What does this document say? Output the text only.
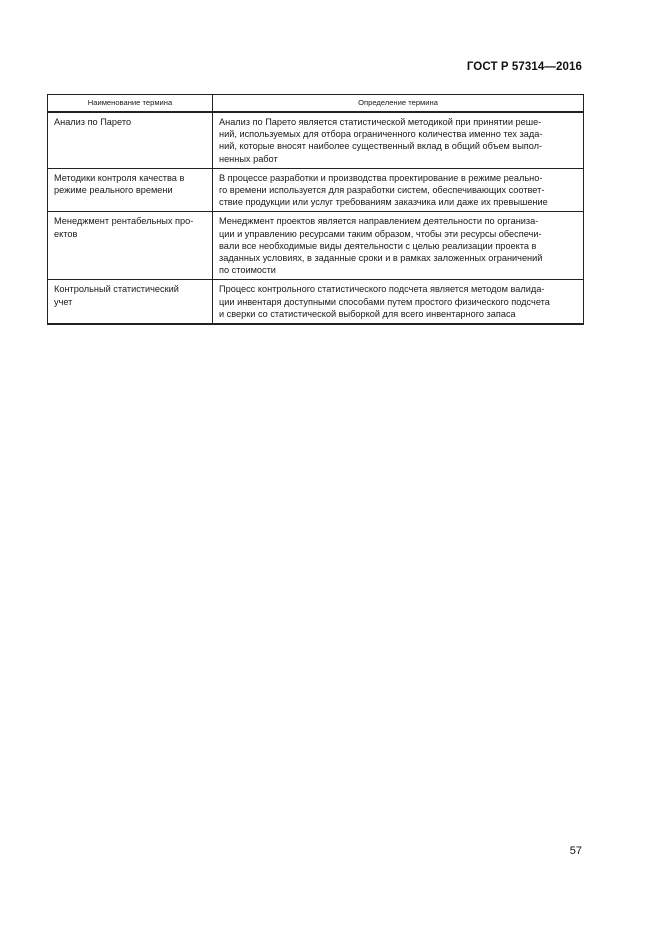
ГОСТ Р 57314—2016
Наименование термина	Определение термина
Анализ по Парето	Анализ по Парето является статистической методикой при принятии реше-
ний, используемых для отбора ограниченного количества именно тех зада-
ний, которые вносят наиболее существенный вклад в общий объем выпол-
ненных работ
Методики контроля качества в
режиме реального времени	В процессе разработки и производства проектирование в режиме реально-
го времени используется для разработки систем, обеспечивающих соответ-
ствие продукции или услуг требованиям заказчика или даже их превышение
Менеджмент рентабельных про-
ектов	Менеджмент проектов является направлением деятельности по организа-
ции и управлению ресурсами таким образом, чтобы эти ресурсы обеспечи-
вали все необходимые виды деятельности с целью реализации проекта в
заданных условиях, в заданные сроки и в рамках заложенных ограничений
по стоимости
Контрольный статистический
учет	Процесс контрольного статистического подсчета является методом валида-
ции инвентаря доступными способами путем простого физического подсчета
и сверки со статистической выборкой для всего инвентарного запаса
57
